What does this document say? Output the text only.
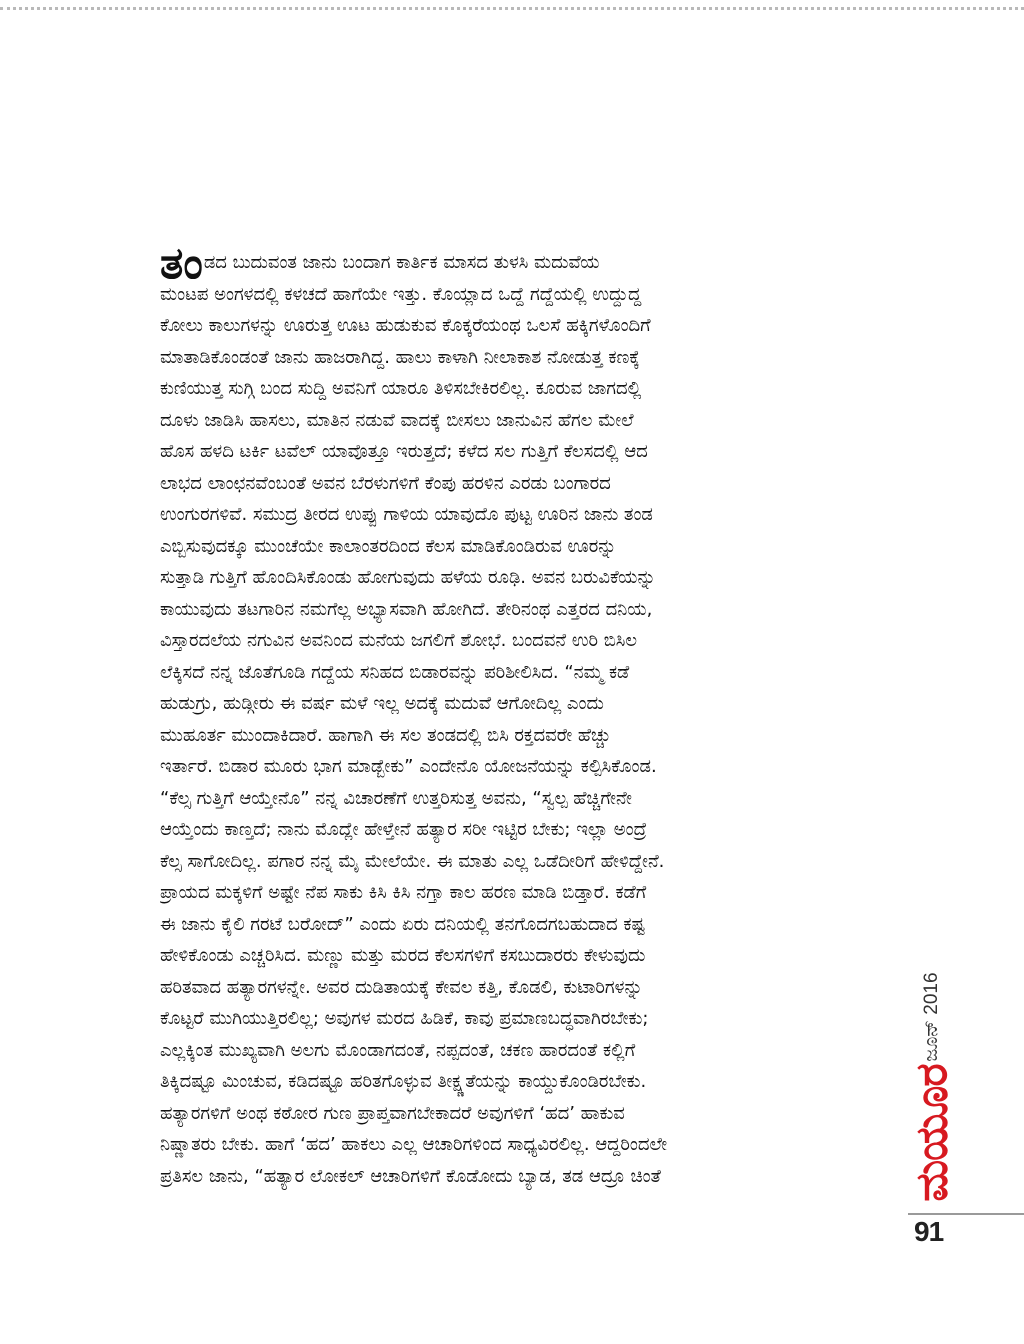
ತಂಡದ ಬುದುವಂತ ಜಾನು ಬಂದಾಗ ಕಾರ್ತಿಕ ಮಾಸದ ತುಳಸಿ ಮದುವೆಯ
ಮಂಟಪ ಅಂಗಳದಲ್ಲಿ ಕಳಚದೆ ಹಾಗೆಯೇ ಇತ್ತು. ಕೊಯ್ಲಾದ ಒದ್ದೆ ಗದ್ದೆಯಲ್ಲಿ ಉದ್ದುದ್ದ
ಕೋಲು ಕಾಲುಗಳನ್ನು ಊರುತ್ತ ಊಟ ಹುಡುಕುವ ಕೊಕ್ಕರೆಯಂಥ ಒಲಸೆ ಹಕ್ಕಿಗಳೊಂದಿಗೆ
ಮಾತಾಡಿಕೊಂಡಂತೆ ಜಾನು ಹಾಜರಾಗಿದ್ದ. ಹಾಲು ಕಾಳಾಗಿ ನೀಲಾಕಾಶ ನೋಡುತ್ತ ಕಣಕ್ಕೆ
ಕುಣಿಯುತ್ತ ಸುಗ್ಗಿ ಬಂದ ಸುದ್ದಿ ಅವನಿಗೆ ಯಾರೂ ತಿಳಿಸಬೇಕಿರಲಿಲ್ಲ. ಕೂರುವ ಜಾಗದಲ್ಲಿ
ದೂಳು ಜಾಡಿಸಿ ಹಾಸಲು, ಮಾತಿನ ನಡುವೆ ವಾದಕ್ಕೆ ಬೀಸಲು ಜಾನುವಿನ ಹೆಗಲ ಮೇಲೆ
ಹೊಸ ಹಳದಿ ಟರ್ಕಿ ಟವೆಲ್ ಯಾವೊತ್ತೂ ಇರುತ್ತದೆ; ಕಳೆದ ಸಲ ಗುತ್ತಿಗೆ ಕೆಲಸದಲ್ಲಿ ಆದ
ಲಾಭದ ಲಾಂಛನವೆಂಬಂತೆ ಅವನ ಬೆರಳುಗಳಿಗೆ ಕೆಂಪು ಹರಳಿನ ಎರಡು ಬಂಗಾರದ
ಉಂಗುರಗಳಿವೆ. ಸಮುದ್ರ ತೀರದ ಉಪ್ಪು ಗಾಳಿಯ ಯಾವುದೊ ಪುಟ್ಟ ಊರಿನ ಜಾನು ತಂಡ
ಎಬ್ಬಿಸುವುದಕ್ಕೂ ಮುಂಚೆಯೇ ಕಾಲಾಂತರದಿಂದ ಕೆಲಸ ಮಾಡಿಕೊಂಡಿರುವ ಊರನ್ನು
ಸುತ್ತಾಡಿ ಗುತ್ತಿಗೆ ಹೊಂದಿಸಿಕೊಂಡು ಹೋಗುವುದು ಹಳೆಯ ರೂಢಿ. ಅವನ ಬರುವಿಕೆಯನ್ನು
ಕಾಯುವುದು ತಟಗಾರಿನ ನಮಗೆಲ್ಲ ಅಭ್ಯಾಸವಾಗಿ ಹೋಗಿದೆ. ತೇರಿನಂಥ ಎತ್ತರದ ದನಿಯ,
ವಿಸ್ತಾರದಲೆಯ ನಗುವಿನ ಅವನಿಂದ ಮನೆಯ ಜಗಲಿಗೆ ಶೋಭೆ. ಬಂದವನೆ ಉರಿ ಬಿಸಿಲ
ಲೆಕ್ಕಿಸದೆ ನನ್ನ ಜೊತೆಗೂಡಿ ಗದ್ದೆಯ ಸನಿಹದ ಬಿಡಾರವನ್ನು ಪರಿಶೀಲಿಸಿದ. “ನಮ್ಮ ಕಡೆ
ಹುಡುಗ್ರು, ಹುಡ್ಗೀರು ಈ ವರ್ಷ ಮಳೆ ಇಲ್ಲ ಅದಕ್ಕೆ ಮದುವೆ ಆಗೋದಿಲ್ಲ ಎಂದು
ಮುಹೂರ್ತ ಮುಂದಾಕಿದಾರೆ. ಹಾಗಾಗಿ ಈ ಸಲ ತಂಡದಲ್ಲಿ ಬಿಸಿ ರಕ್ತದವರೇ ಹೆಚ್ಚು
ಇರ್ತಾರೆ. ಬಿಡಾರ ಮೂರು ಭಾಗ ಮಾಡ್ಬೇಕು” ಎಂದೇನೊ ಯೋಜನೆಯನ್ನು ಕಲ್ಪಿಸಿಕೊಂಡ.
“ಕೆಲ್ಸ ಗುತ್ತಿಗೆ ಆಯ್ತೇನೊ” ನನ್ನ ವಿಚಾರಣೆಗೆ ಉತ್ತರಿಸುತ್ತ ಅವನು, “ಸ್ವಲ್ಪ ಹೆಚ್ಚಿಗೇನೇ
ಆಯ್ತೆಂದು ಕಾಣ್ತದೆ; ನಾನು ಮೊದ್ಲೇ ಹೇಳ್ತೇನೆ ಹತ್ಯಾರ ಸರೀ ಇಟ್ಟಿರ ಬೇಕು; ಇಲ್ಲಾ ಅಂದ್ರೆ
ಕೆಲ್ಸ ಸಾಗೋದಿಲ್ಲ. ಪಗಾರ ನನ್ನ ಮೈ ಮೇಲೆಯೇ. ಈ ಮಾತು ಎಲ್ಲ ಒಡೆದೀರಿಗೆ ಹೇಳಿದ್ದೇನೆ.
ಪ್ರಾಯದ ಮಕ್ಕಳಿಗೆ ಅಷ್ಟೇ ನೆಪ ಸಾಕು ಕಿಸಿ ಕಿಸಿ ನಗ್ತಾ ಕಾಲ ಹರಣ ಮಾಡಿ ಬಿಡ್ತಾರೆ. ಕಡೆಗೆ
ಈ ಜಾನು ಕೈಲಿ ಗರಟೆ ಬರೋದ್” ಎಂದು ಏರು ದನಿಯಲ್ಲಿ ತನಗೊದಗಬಹುದಾದ ಕಷ್ಟ
ಹೇಳಿಕೊಂಡು ಎಚ್ಚರಿಸಿದ. ಮಣ್ಣು ಮತ್ತು ಮರದ ಕೆಲಸಗಳಿಗೆ ಕಸಬುದಾರರು ಕೇಳುವುದು
ಹರಿತವಾದ ಹತ್ಯಾರಗಳನ್ನೇ. ಅವರ ದುಡಿತಾಯಕ್ಕೆ ಕೇವಲ ಕತ್ತಿ, ಕೊಡಲಿ, ಕುಟಾರಿಗಳನ್ನು
ಕೊಟ್ಟರೆ ಮುಗಿಯುತ್ತಿರಲಿಲ್ಲ; ಅವುಗಳ ಮರದ ಹಿಡಿಕೆ, ಕಾವು ಪ್ರಮಾಣಬದ್ಧವಾಗಿರಬೇಕು;
ಎಲ್ಲಕ್ಕಿಂತ ಮುಖ್ಯವಾಗಿ ಅಲಗು ಮೊಂಡಾಗದಂತೆ, ನಪ್ಪದಂತೆ, ಚಕಣ ಹಾರದಂತೆ ಕಲ್ಲಿಗೆ
ತಿಕ್ಕಿದಷ್ಟೂ ಮಿಂಚುವ, ಕಡಿದಷ್ಟೂ ಹರಿತಗೊಳ್ಳುವ ತೀಕ್ಷ್ಣತೆಯನ್ನು ಕಾಯ್ದುಕೊಂಡಿರಬೇಕು.
ಹತ್ಯಾರಗಳಿಗೆ ಅಂಥ ಕಠೋರ ಗುಣ ಪ್ರಾಪ್ತವಾಗಬೇಕಾದರೆ ಅವುಗಳಿಗೆ ‘ಹದ’ ಹಾಕುವ
ನಿಷ್ಣಾತರು ಬೇಕು. ಹಾಗೆ ‘ಹದ’ ಹಾಕಲು ಎಲ್ಲ ಆಚಾರಿಗಳಿಂದ ಸಾಧ್ಯವಿರಲಿಲ್ಲ. ಆದ್ದರಿಂದಲೇ
ಪ್ರತಿಸಲ ಜಾನು, “ಹತ್ಯಾರ ಲೋಕಲ್ ಆಚಾರಿಗಳಿಗೆ ಕೊಡೋದು ಬ್ಯಾಡ, ತಡ ಆದ್ರೂ ಚಿಂತೆ
ಜೂನ್ 2016
ಮಯೂರ
91
